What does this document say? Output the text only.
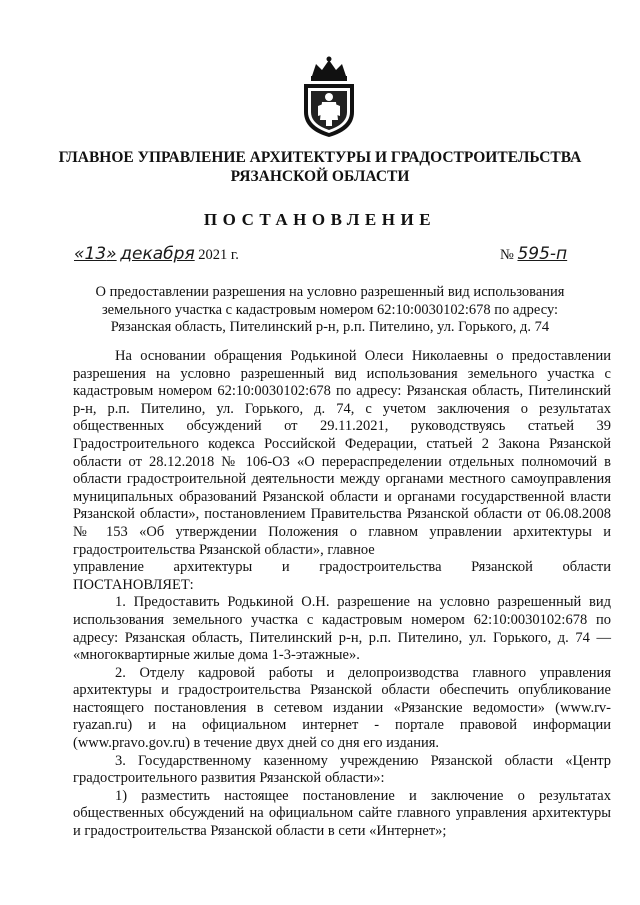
ГЛАВНОЕ УПРАВЛЕНИЕ АРХИТЕКТУРЫ И ГРАДОСТРОИТЕЛЬСТВА
РЯЗАНСКОЙ ОБЛАСТИ
ПОСТАНОВЛЕНИЕ
«13» декабря 2021 г.	№ 595-п
О предоставлении разрешения на условно разрешенный вид использования
земельного участка с кадастровым номером 62:10:0030102:678 по адресу:
Рязанская область, Пителинский р-н, р.п. Пителино, ул. Горького, д. 74

На основании обращения Родькиной Олеси Николаевны о предоставлении разрешения на условно разрешенный вид использования земельного участка с кадастровым номером 62:10:0030102:678 по адресу: Рязанская область, Пителинский р-н, р.п. Пителино, ул. Горького, д. 74, с учетом заключения о результатах общественных обсуждений от 29.11.2021, руководствуясь статьей 39 Градостроительного кодекса Российской Федерации, статьей 2 Закона Рязанской области от 28.12.2018 № 106-ОЗ «О перераспределении отдельных полномочий в области градостроительной деятельности между органами местного самоуправления муниципальных образований Рязанской области и органами государственной власти Рязанской области», постановлением Правительства Рязанской области от 06.08.2008 № 153 «Об утверждении Положения о главном управлении архитектуры и градостроительства Рязанской области», главное

управление архитектуры и градостроительства Рязанской области

ПОСТАНОВЛЯЕТ:

1. Предоставить Родькиной О.Н. разрешение на условно разрешенный вид использования земельного участка с кадастровым номером 62:10:0030102:678 по адресу: Рязанская область, Пителинский р-н, р.п. Пителино, ул. Горького, д. 74 — «многоквартирные жилые дома 1-3-этажные».

2. Отделу кадровой работы и делопроизводства главного управления архитектуры и градостроительства Рязанской области обеспечить опубликование настоящего постановления в сетевом издании «Рязанские ведомости» (www.rv-ryazan.ru) и на официальном интернет - портале правовой информации (www.pravo.gov.ru) в течение двух дней со дня его издания.

3. Государственному казенному учреждению Рязанской области «Центр градостроительного развития Рязанской области»:

1) разместить настоящее постановление и заключение о результатах общественных обсуждений на официальном сайте главного управления архитектуры и градостроительства Рязанской области в сети «Интернет»;
